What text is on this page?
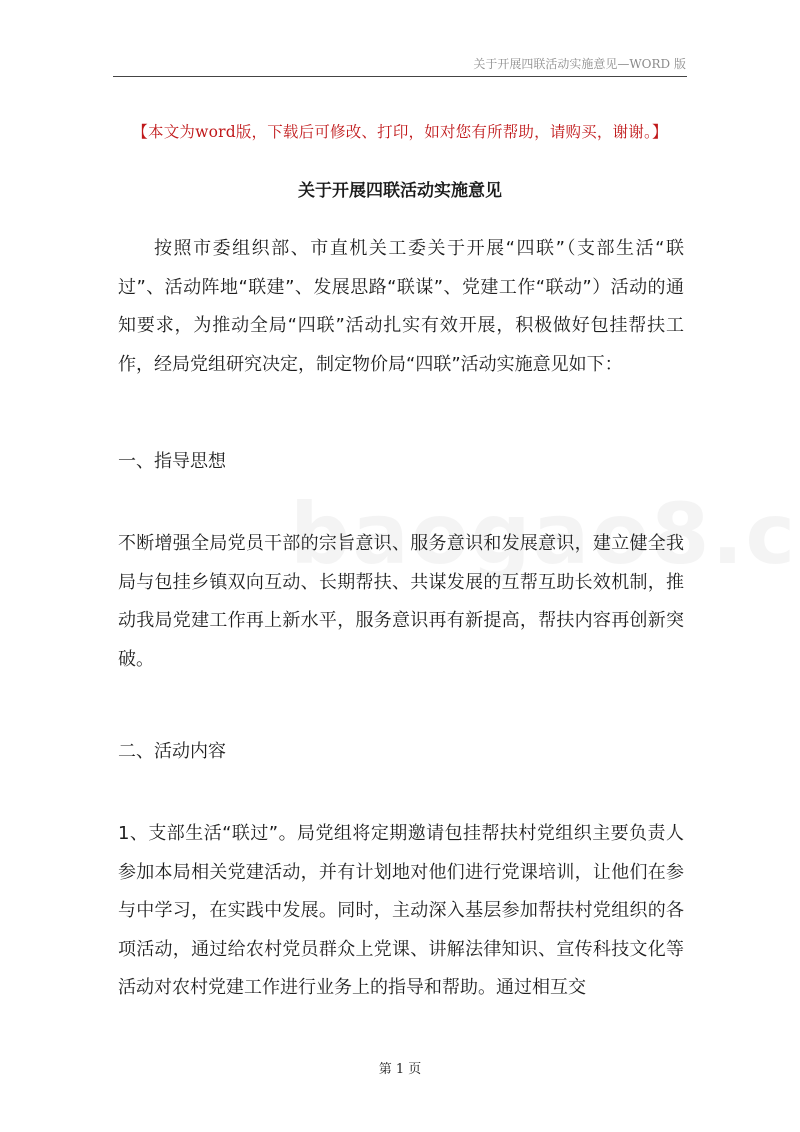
关于开展四联活动实施意见—WORD 版
【本文为word版，下载后可修改、打印，如对您有所帮助，请购买，谢谢。】
关于开展四联活动实施意见
按照市委组织部、市直机关工委关于开展“四联”（支部生活“联过”、活动阵地“联建”、发展思路“联谋”、党建工作“联动”）活动的通知要求，为推动全局“四联”活动扎实有效开展，积极做好包挂帮扶工作，经局党组研究决定，制定物价局“四联”活动实施意见如下：
一、指导思想
不断增强全局党员干部的宗旨意识、服务意识和发展意识，建立健全我局与包挂乡镇双向互动、长期帮扶、共谋发展的互帮互助长效机制，推动我局党建工作再上新水平，服务意识再有新提高，帮扶内容再创新突破。
二、活动内容
1、支部生活“联过”。局党组将定期邀请包挂帮扶村党组织主要负责人参加本局相关党建活动，并有计划地对他们进行党课培训，让他们在参与中学习，在实践中发展。同时，主动深入基层参加帮扶村党组织的各项活动，通过给农村党员群众上党课、讲解法律知识、宣传科技文化等活动对农村党建工作进行业务上的指导和帮助。通过相互交
第 1 页
